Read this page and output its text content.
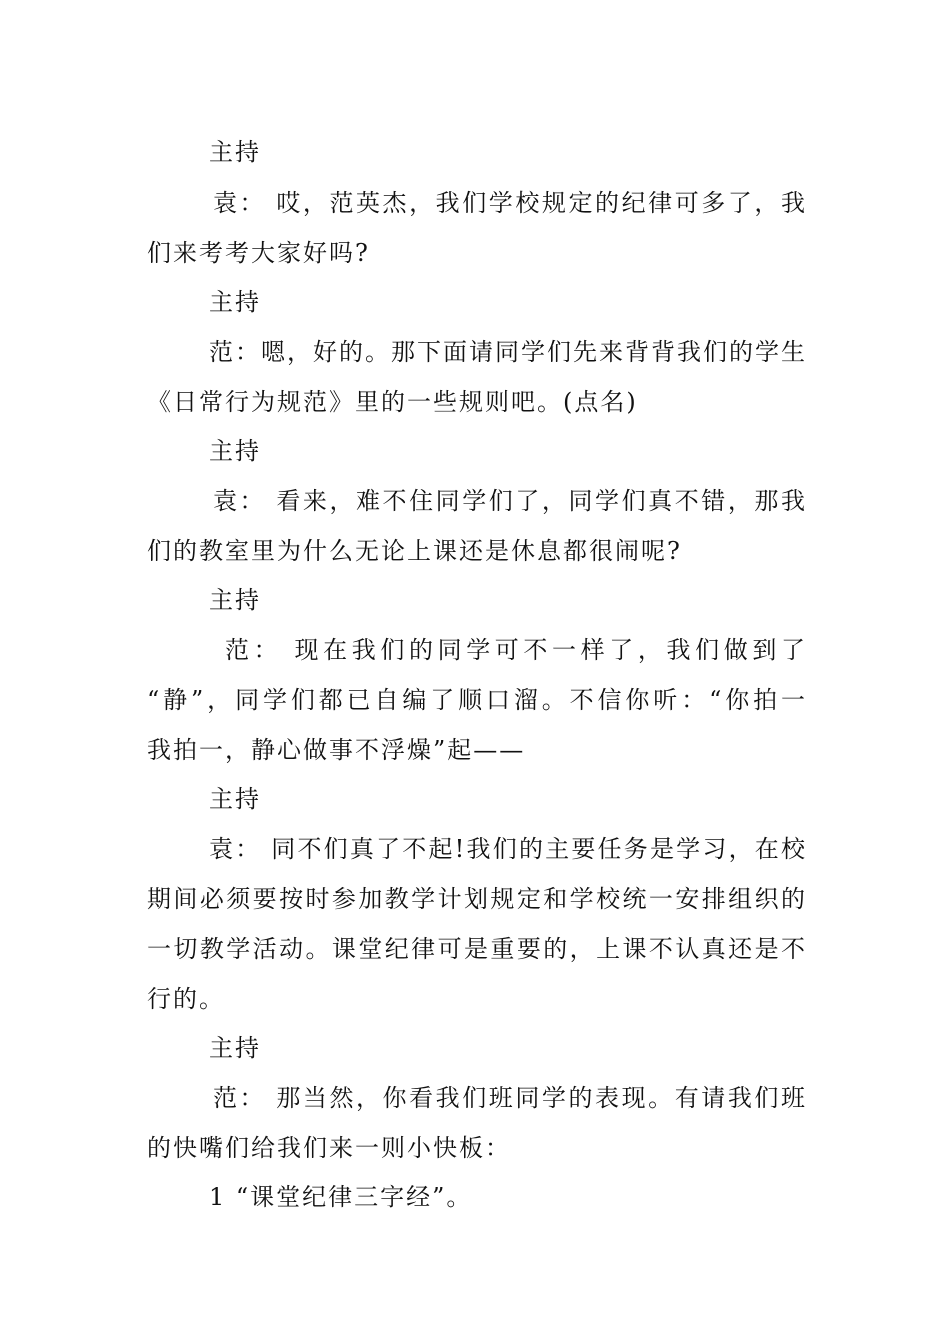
主持
袁： 哎，范英杰，我们学校规定的纪律可多了，我
们来考考大家好吗?
主持
范：嗯，好的。那下面请同学们先来背背我们的学生
《日常行为规范》里的一些规则吧。(点名)
主持
袁： 看来，难不住同学们了，同学们真不错，那我
们的教室里为什么无论上课还是休息都很闹呢?
主持
范： 现在我们的同学可不一样了，我们做到了
“静”，同学们都已自编了顺口溜。不信你听：“你拍一
我拍一，静心做事不浮燥”起——
主持
袁： 同不们真了不起!我们的主要任务是学习，在校
期间必须要按时参加教学计划规定和学校统一安排组织的
一切教学活动。课堂纪律可是重要的，上课不认真还是不
行的。
主持
范： 那当然，你看我们班同学的表现。有请我们班
的快嘴们给我们来一则小快板：
1 “课堂纪律三字经”。
